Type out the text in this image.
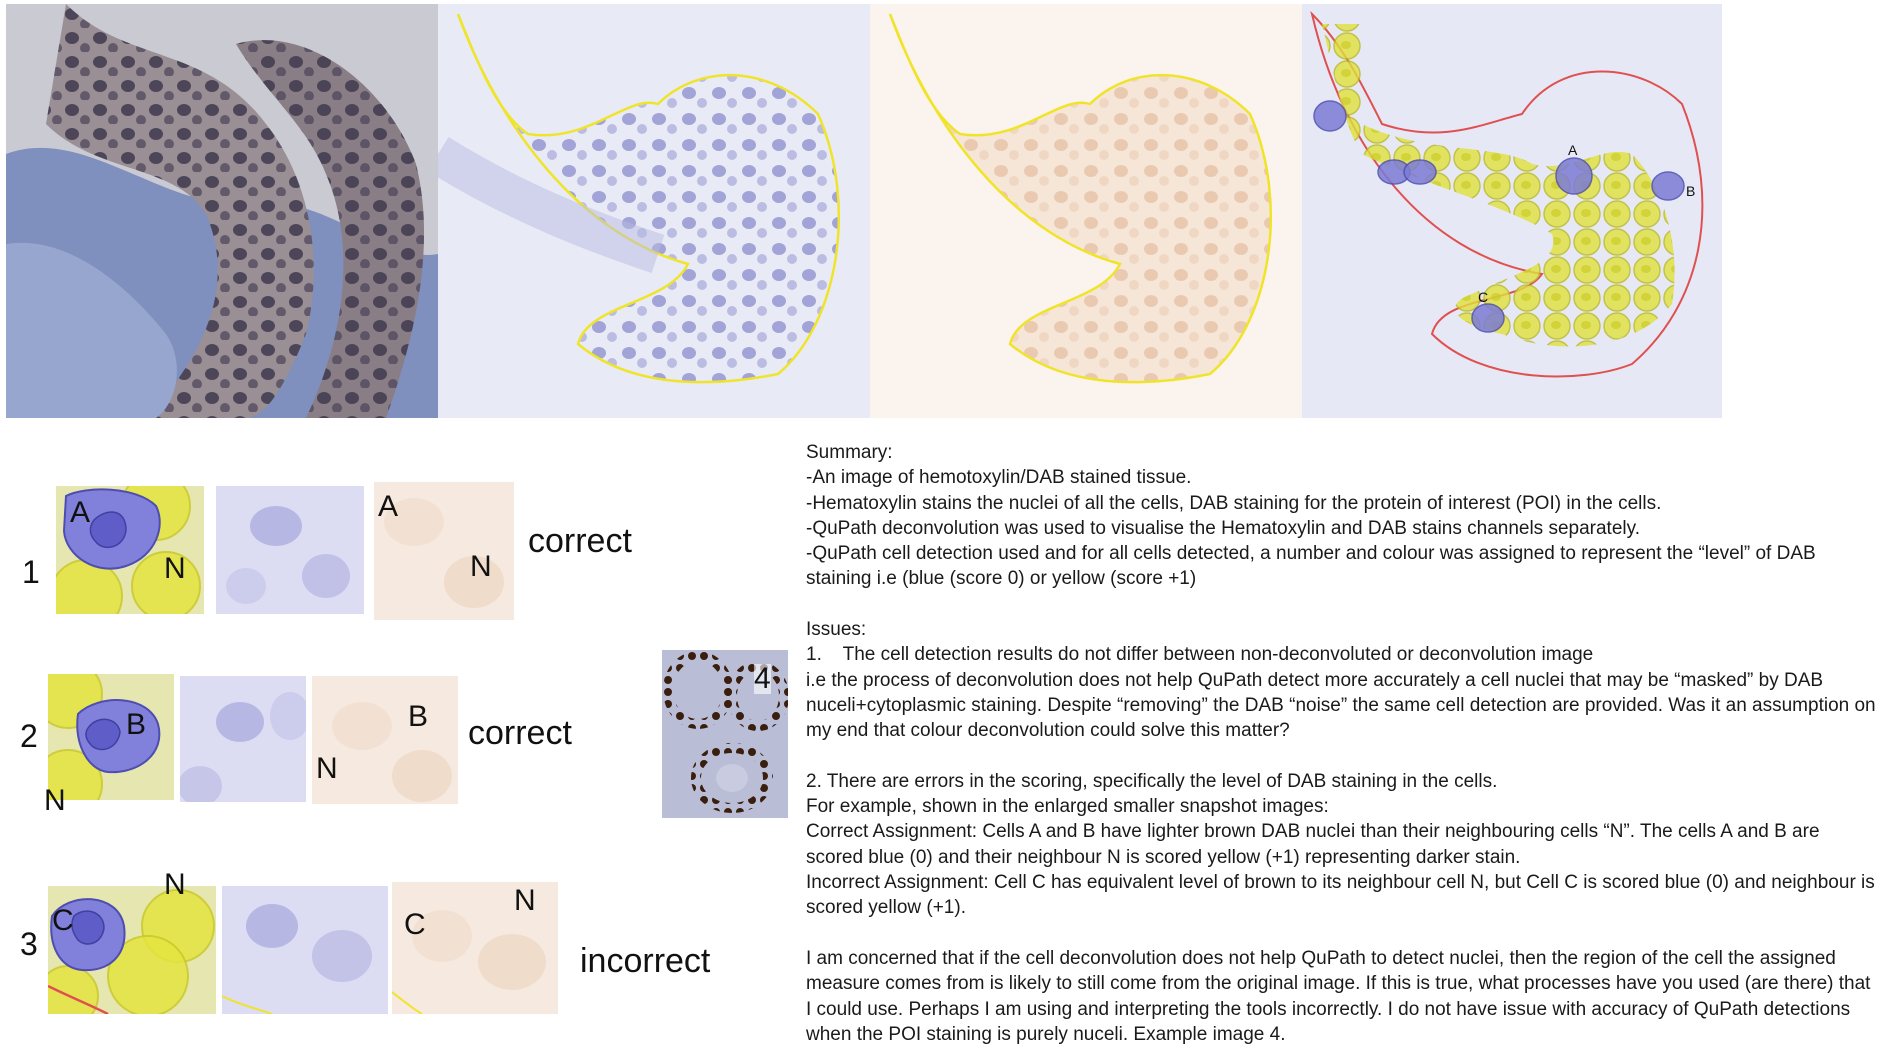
A
B
C
1
A
N
A
N
correct
2	B
N
B
N
correct
3
C
N
C
N
incorrect
4

Summary:

-An image of hemotoxylin/DAB stained tissue.

-Hematoxylin stains the nuclei of all the cells, DAB staining for the protein of interest (POI) in the cells.

-QuPath deconvolution was used to visualise the Hematoxylin and DAB stains channels separately.

-QuPath cell detection used and for all cells detected, a number and colour was assigned to represent the “level” of DAB staining i.e (blue (score 0) or yellow (score +1)

Issues:

1.    The cell detection results do not differ between non-deconvoluted or deconvolution image

i.e the process of deconvolution does not help QuPath detect more accurately a cell nuclei that may be “masked” by DAB nuceli+cytoplasmic staining. Despite “removing” the DAB “noise” the same cell detection are provided. Was it an assumption on my end that colour deconvolution could solve this matter?

2. There are errors in the scoring, specifically the level of DAB staining in the cells.

For example, shown in the enlarged smaller snapshot images:

Correct Assignment: Cells A and B have lighter brown DAB nuclei than their neighbouring cells “N”. The cells A and B are scored blue (0) and their neighbour N is scored yellow (+1) representing darker stain.

Incorrect Assignment: Cell C has equivalent level of brown to its neighbour cell N, but Cell C is scored blue (0) and neighbour is scored yellow (+1).

I am concerned that if the cell deconvolution does not help QuPath to detect nuclei, then the region of the cell the assigned measure comes from is likely to still come from the original image. If this is true, what processes have you used (are there) that I could use. Perhaps I am using and interpreting the tools incorrectly. I do not have issue with accuracy of QuPath detections when the POI staining is purely nuceli. Example image 4.
